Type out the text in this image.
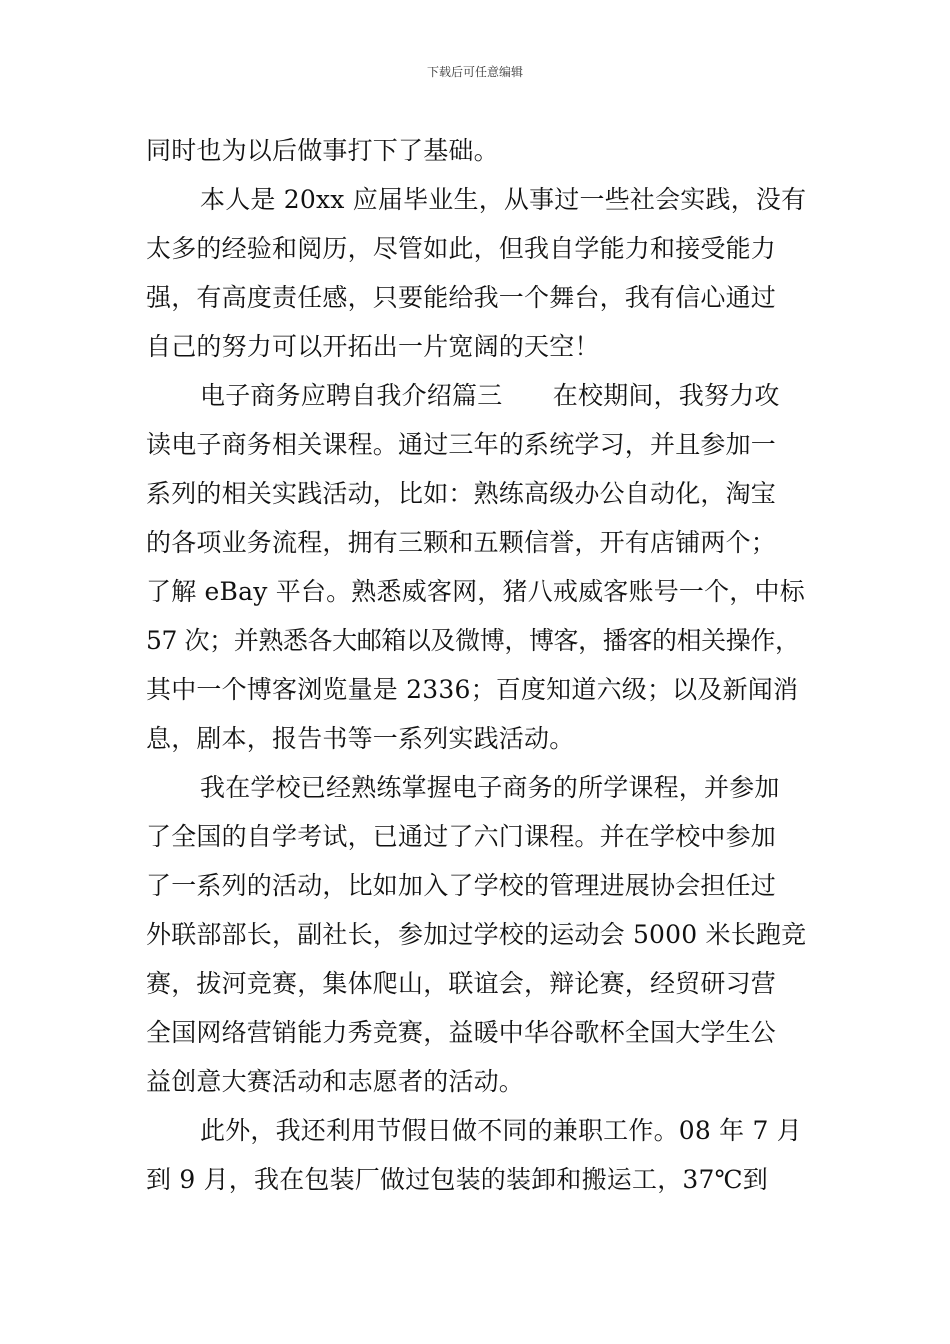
下载后可任意编辑
同时也为以后做事打下了基础。
本人是 20xx 应届毕业生，从事过一些社会实践，没有
太多的经验和阅历，尽管如此，但我自学能力和接受能力
强，有高度责任感，只要能给我一个舞台，我有信心通过
自己的努力可以开拓出一片宽阔的天空！
电子商务应聘自我介绍篇三　　在校期间，我努力攻
读电子商务相关课程。通过三年的系统学习，并且参加一
系列的相关实践活动，比如：熟练高级办公自动化，淘宝
的各项业务流程，拥有三颗和五颗信誉，开有店铺两个；
了解 eBay 平台。熟悉威客网，猪八戒威客账号一个，中标
57 次；并熟悉各大邮箱以及微博，博客，播客的相关操作，
其中一个博客浏览量是 2336；百度知道六级；以及新闻消
息，剧本，报告书等一系列实践活动。
我在学校已经熟练掌握电子商务的所学课程，并参加
了全国的自学考试，已通过了六门课程。并在学校中参加
了一系列的活动，比如加入了学校的管理进展协会担任过
外联部部长，副社长，参加过学校的运动会 5000 米长跑竞
赛，拔河竞赛，集体爬山，联谊会，辩论赛，经贸研习营
全国网络营销能力秀竞赛，益暖中华谷歌杯全国大学生公
益创意大赛活动和志愿者的活动。
此外，我还利用节假日做不同的兼职工作。08 年 7 月
到 9 月，我在包装厂做过包装的装卸和搬运工，37℃到
